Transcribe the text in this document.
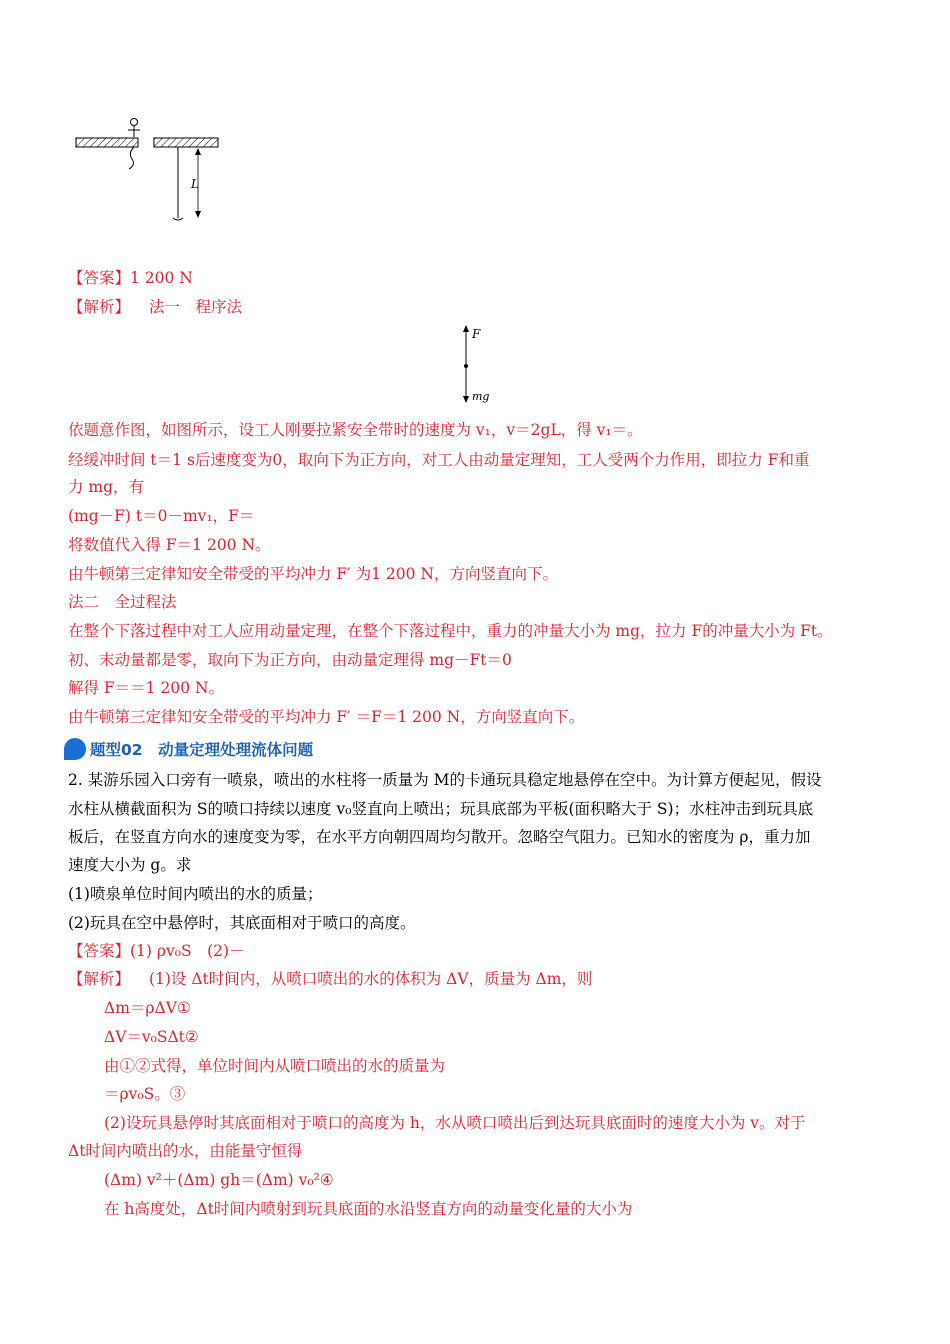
L
【答案】1 200 N
【解析】 法一　程序法
F
mg
依题意作图，如图所示，设工人刚要拉紧安全带时的速度为 v₁，v＝2gL，得 v₁＝。
经缓冲时间 t＝1 s后速度变为0，取向下为正方向，对工人由动量定理知，工人受两个力作用，即拉力 F和重
力 mg，有
(mg－F) t＝0－mv₁，F＝
将数值代入得 F＝1 200 N。
由牛顿第三定律知安全带受的平均冲力 F′ 为1 200 N，方向竖直向下。
法二　全过程法
在整个下落过程中对工人应用动量定理，在整个下落过程中，重力的冲量大小为 mg，拉力 F的冲量大小为 Ft。
初、末动量都是零，取向下为正方向，由动量定理得 mg－Ft＝0
解得 F＝＝1 200 N。
由牛顿第三定律知安全带受的平均冲力 F′ ＝F＝1 200 N，方向竖直向下。
题型02　动量定理处理流体问题
2. 某游乐园入口旁有一喷泉，喷出的水柱将一质量为 M的卡通玩具稳定地悬停在空中。为计算方便起见，假设
水柱从横截面积为 S的喷口持续以速度 v₀竖直向上喷出；玩具底部为平板(面积略大于 S)；水柱冲击到玩具底
板后，在竖直方向水的速度变为零，在水平方向朝四周均匀散开。忽略空气阻力。已知水的密度为 ρ，重力加
速度大小为 g。求
(1)喷泉单位时间内喷出的水的质量；
(2)玩具在空中悬停时，其底面相对于喷口的高度。
【答案】(1) ρv₀S　(2)－
【解析】 (1)设 Δt时间内，从喷口喷出的水的体积为 ΔV，质量为 Δm，则
Δm＝ρΔV①
ΔV＝v₀SΔt②
由①②式得，单位时间内从喷口喷出的水的质量为
＝ρv₀S。③
(2)设玩具悬停时其底面相对于喷口的高度为 h，水从喷口喷出后到达玩具底面时的速度大小为 v。对于
Δt时间内喷出的水，由能量守恒得
(Δm) v²＋(Δm) gh＝(Δm) v₀²④
在 h高度处，Δt时间内喷射到玩具底面的水沿竖直方向的动量变化量的大小为
